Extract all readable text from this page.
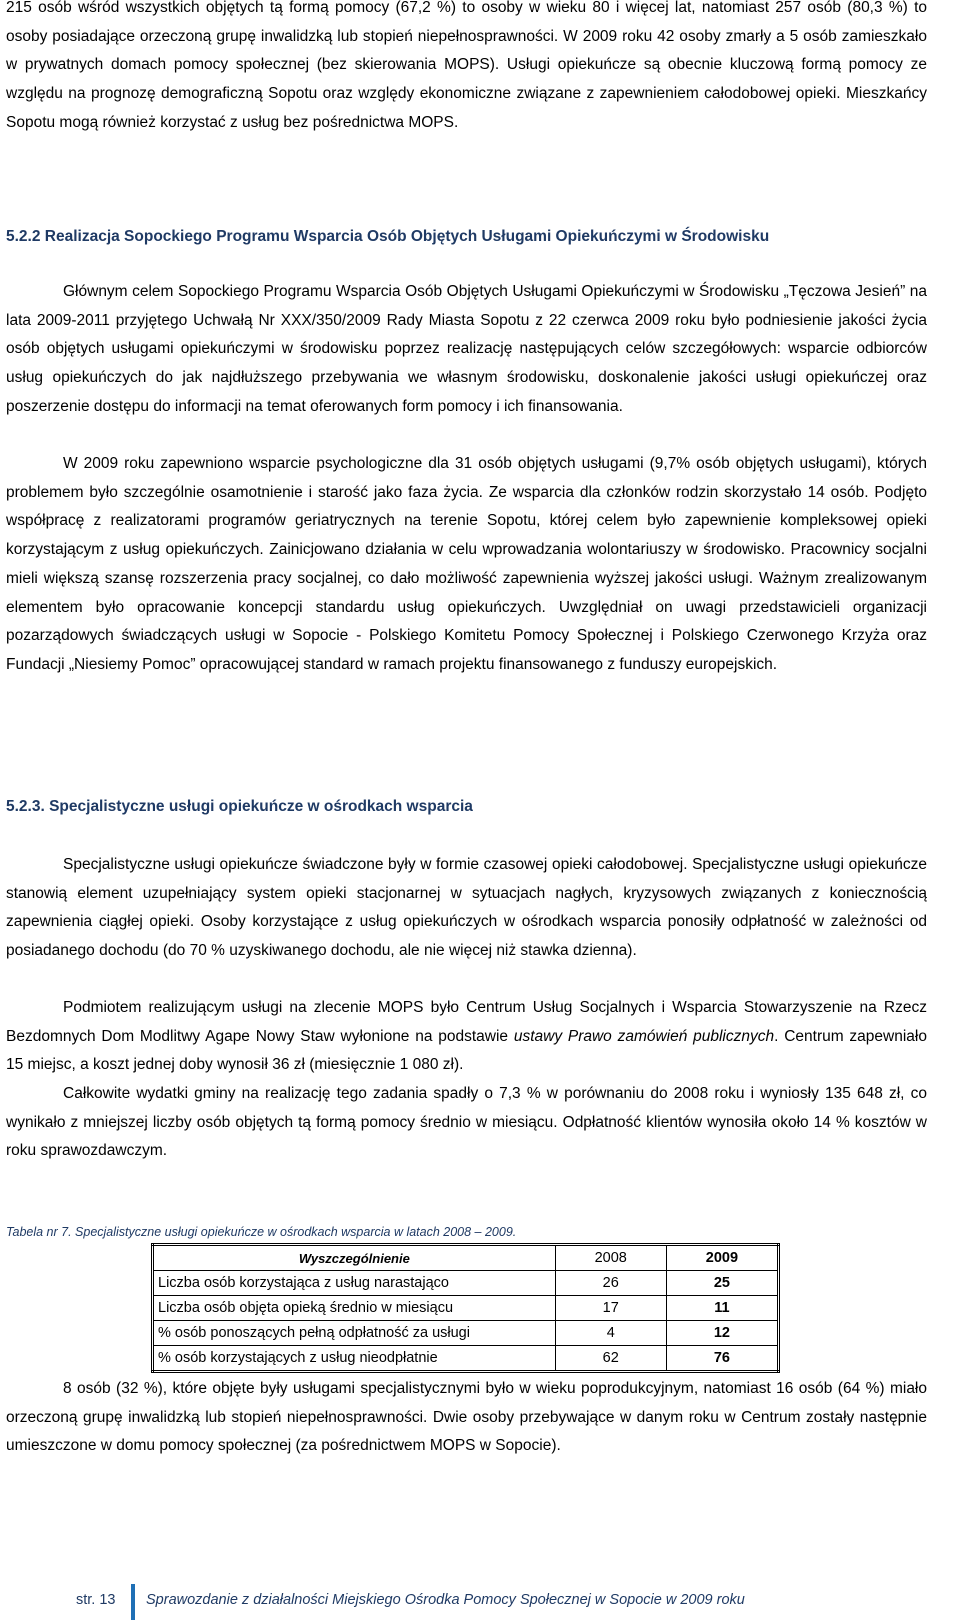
215 osób wśród wszystkich objętych tą formą pomocy (67,2 %) to osoby w wieku 80 i więcej lat, natomiast 257 osób (80,3 %) to osoby posiadające orzeczoną grupę inwalidzką lub stopień niepełnosprawności. W 2009 roku 42 osoby zmarły a 5 osób zamieszkało w prywatnych domach pomocy społecznej (bez skierowania MOPS). Usługi opiekuńcze są obecnie kluczową formą pomocy ze względu na prognozę demograficzną Sopotu oraz względy ekonomiczne związane z zapewnieniem całodobowej opieki. Mieszkańcy Sopotu mogą również korzystać z usług bez pośrednictwa MOPS.

5.2.2 Realizacja Sopockiego Programu Wsparcia Osób Objętych Usługami Opiekuńczymi w Środowisku

Głównym celem Sopockiego Programu Wsparcia Osób Objętych Usługami Opiekuńczymi w Środowisku „Tęczowa Jesień” na lata 2009-2011 przyjętego Uchwałą Nr XXX/350/2009 Rady Miasta Sopotu z 22 czerwca 2009 roku było podniesienie jakości życia osób objętych usługami opiekuńczymi w środowisku poprzez realizację następujących celów szczegółowych: wsparcie odbiorców usług opiekuńczych do jak najdłuższego przebywania we własnym środowisku, doskonalenie jakości usługi opiekuńczej oraz poszerzenie dostępu do informacji na temat oferowanych form pomocy i ich finansowania.

W 2009 roku zapewniono wsparcie psychologiczne dla 31 osób objętych usługami (9,7% osób objętych usługami), których problemem było szczególnie osamotnienie i starość jako faza życia. Ze wsparcia dla członków rodzin skorzystało 14 osób. Podjęto współpracę z realizatorami programów geriatrycznych na terenie Sopotu, której celem było zapewnienie kompleksowej opieki korzystającym z usług opiekuńczych. Zainicjowano działania w celu wprowadzania wolontariuszy w środowisko. Pracownicy socjalni mieli większą szansę rozszerzenia pracy socjalnej, co dało możliwość zapewnienia wyższej jakości usługi. Ważnym zrealizowanym elementem było opracowanie koncepcji standardu usług opiekuńczych. Uwzględniał on uwagi przedstawicieli organizacji pozarządowych świadczących usługi w Sopocie - Polskiego Komitetu Pomocy Społecznej i Polskiego Czerwonego Krzyża oraz Fundacji „Niesiemy Pomoc” opracowującej standard w ramach projektu finansowanego z funduszy europejskich.

5.2.3. Specjalistyczne usługi opiekuńcze w ośrodkach wsparcia

Specjalistyczne usługi opiekuńcze świadczone były w formie czasowej opieki całodobowej. Specjalistyczne usługi opiekuńcze stanowią element uzupełniający system opieki stacjonarnej w sytuacjach nagłych, kryzysowych związanych z koniecznością zapewnienia ciągłej opieki. Osoby korzystające z usług opiekuńczych w ośrodkach wsparcia ponosiły odpłatność w zależności od posiadanego dochodu (do 70 % uzyskiwanego dochodu, ale nie więcej niż stawka dzienna).

Podmiotem realizującym usługi na zlecenie MOPS było Centrum Usług Socjalnych i Wsparcia Stowarzyszenie na Rzecz Bezdomnych Dom Modlitwy Agape Nowy Staw wyłonione na podstawie ustawy Prawo zamówień publicznych. Centrum zapewniało 15 miejsc, a koszt jednej doby wynosił 36 zł (miesięcznie 1 080 zł).

Całkowite wydatki gminy na realizację tego zadania spadły o 7,3 % w porównaniu do 2008 roku i wyniosły 135 648 zł, co wynikało z mniejszej liczby osób objętych tą formą pomocy średnio w miesiącu. Odpłatność klientów wynosiła około 14 % kosztów w roku sprawozdawczym.

Tabela nr 7. Specjalistyczne usługi opiekuńcze w ośrodkach wsparcia w latach 2008 – 2009.

Wyszczególnienie	2008	2009
Liczba osób korzystająca z usług narastająco	26	25
Liczba osób objęta opieką średnio w miesiącu	17	11
% osób ponoszących pełną odpłatność za usługi	4	12
% osób korzystających z usług nieodpłatnie	62	76

8 osób (32 %), które objęte były usługami specjalistycznymi było w wieku poprodukcyjnym, natomiast 16 osób (64 %) miało orzeczoną grupę inwalidzką lub stopień niepełnosprawności. Dwie osoby przebywające w danym roku w Centrum zostały następnie umieszczone w domu pomocy społecznej (za pośrednictwem MOPS w Sopocie).

str. 13 Sprawozdanie z działalności Miejskiego Ośrodka Pomocy Społecznej w Sopocie w 2009 roku
